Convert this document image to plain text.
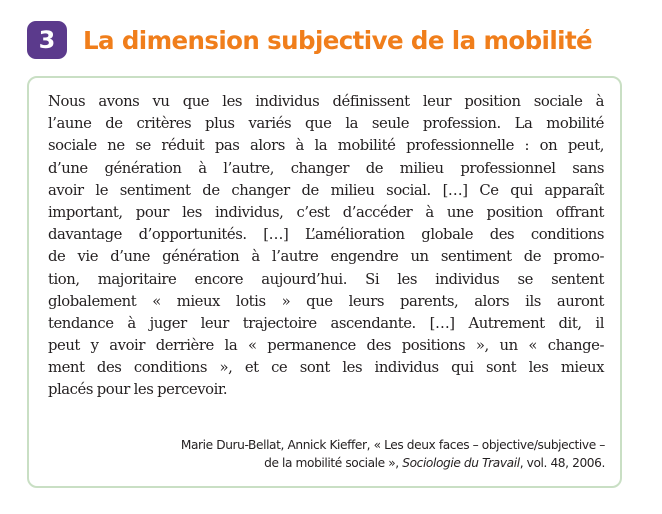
3	La dimension subjective de la mobilité

Nous avons vu que les individus définissent leur position sociale à
l’aune de critères plus variés que la seule profession. La mobilité
sociale ne se réduit pas alors à la mobilité professionnelle : on peut,
d’une génération à l’autre, changer de milieu professionnel sans
avoir le sentiment de changer de milieu social. […] Ce qui apparaît
important, pour les individus, c’est d’accéder à une position offrant
davantage d’opportunités. […] L’amélioration globale des conditions
de vie d’une génération à l’autre engendre un sentiment de promo-
tion, majoritaire encore aujourd’hui. Si les individus se sentent
globalement « mieux lotis » que leurs parents, alors ils auront
tendance à juger leur trajectoire ascendante. […] Autrement dit, il
peut y avoir derrière la « permanence des positions », un « change-
ment des conditions », et ce sont les individus qui sont les mieux
placés pour les percevoir.

Marie Duru-Bellat, Annick Kieffer, « Les deux faces – objective/subjective –
de la mobilité sociale », Sociologie du Travail, vol. 48, 2006.
